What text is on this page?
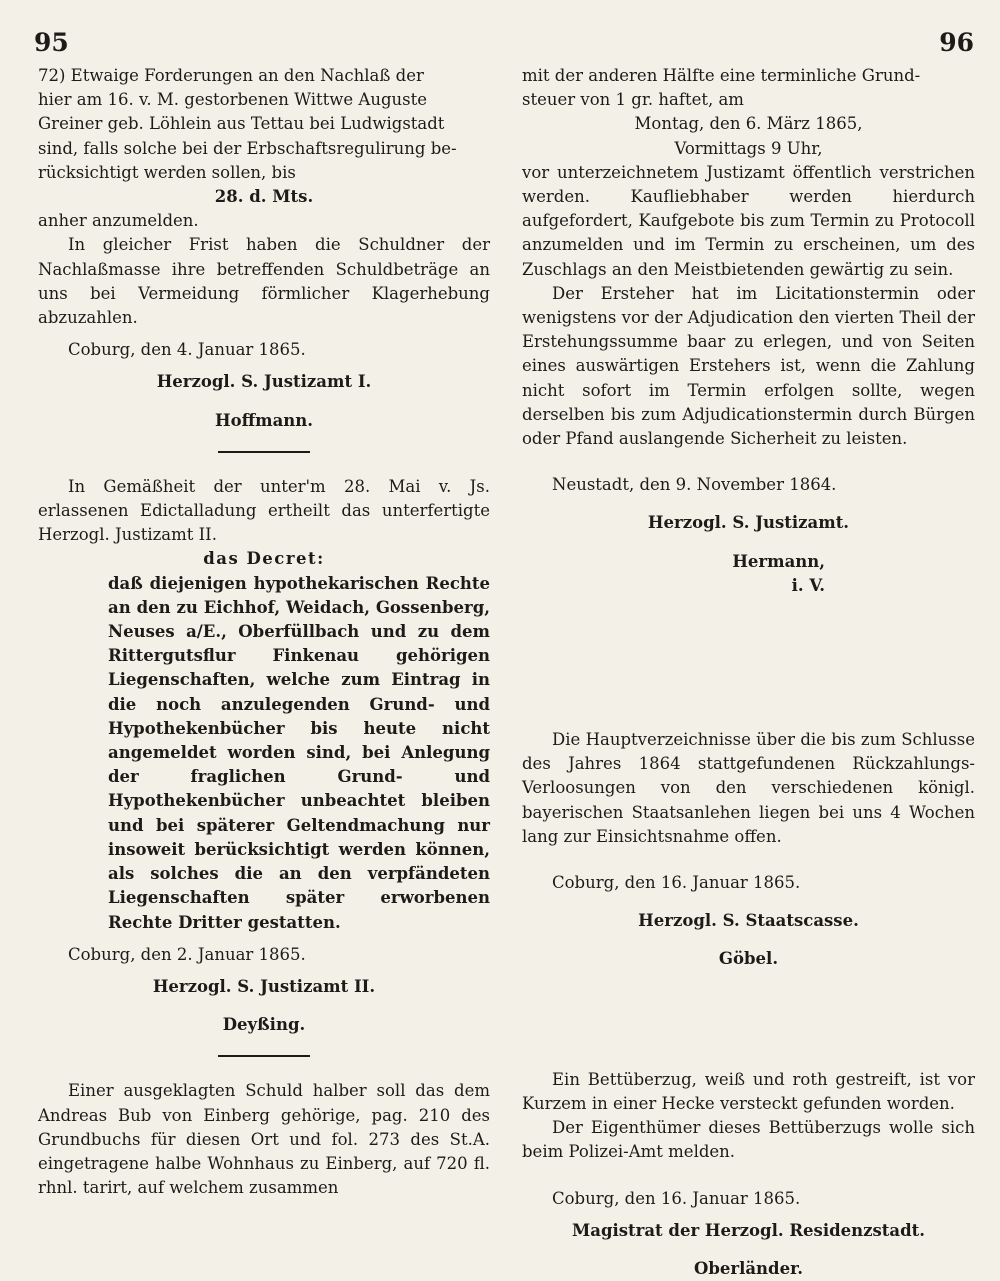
95	96

72) Etwaige Forderungen an den Nachlaß der

hier am 16. v. M. gestorbenen Wittwe Auguste

Greiner geb. Löhlein aus Tettau bei Ludwigstadt

sind, falls solche bei der Erbschaftsregulirung be-

rücksichtigt werden sollen, bis

28. d. Mts.

anher anzumelden.

In gleicher Frist haben die Schuldner der Nachlaßmasse ihre betreffenden Schuldbeträge an uns bei Vermeidung förmlicher Klagerhebung abzuzahlen.

Coburg, den 4. Januar 1865.

Herzogl. S. Justizamt I.

Hoffmann.

In Gemäßheit der unter'm 28. Mai v. Js. erlassenen Edictalladung ertheilt das unterfertigte Herzogl. Justizamt II.

das Decret:

daß diejenigen hypothekarischen Rechte an den zu Eichhof, Weidach, Gossenberg, Neuses a/E., Oberfüllbach und zu dem Rittergutsflur Finkenau gehörigen Liegenschaften, welche zum Eintrag in die noch anzulegenden Grund- und Hypothekenbücher bis heute nicht angemeldet worden sind, bei Anlegung der fraglichen Grund- und Hypothekenbücher unbeachtet bleiben und bei späterer Geltendmachung nur insoweit berücksichtigt werden können, als solches die an den verpfändeten Liegenschaften später erworbenen Rechte Dritter gestatten.

Coburg, den 2. Januar 1865.

Herzogl. S. Justizamt II.

Deyßing.

Einer ausgeklagten Schuld halber soll das dem Andreas Bub von Einberg gehörige, pag. 210 des Grundbuchs für diesen Ort und fol. 273 des St.A. eingetragene halbe Wohnhaus zu Einberg, auf 720 fl. rhnl. tarirt, auf welchem zusammen

mit der anderen Hälfte eine terminliche Grund-

steuer von 1 gr. haftet, am

Montag, den 6. März 1865,

Vormittags 9 Uhr,

vor unterzeichnetem Justizamt öffentlich verstrichen werden. Kaufliebhaber werden hierdurch aufgefordert, Kaufgebote bis zum Termin zu Protocoll anzumelden und im Termin zu erscheinen, um des Zuschlags an den Meistbietenden gewärtig zu sein.

Der Ersteher hat im Licitationstermin oder wenigstens vor der Adjudication den vierten Theil der Erstehungssumme baar zu erlegen, und von Seiten eines auswärtigen Erstehers ist, wenn die Zahlung nicht sofort im Termin erfolgen sollte, wegen derselben bis zum Adjudicationstermin durch Bürgen oder Pfand auslangende Sicherheit zu leisten.

Neustadt, den 9. November 1864.

Herzogl. S. Justizamt.

Hermann,

i. V.

Die Hauptverzeichnisse über die bis zum Schlusse des Jahres 1864 stattgefundenen Rückzahlungs-Verloosungen von den verschiedenen königl. bayerischen Staatsanlehen liegen bei uns 4 Wochen lang zur Einsichtsnahme offen.

Coburg, den 16. Januar 1865.

Herzogl. S. Staatscasse.

Göbel.

Ein Bettüberzug, weiß und roth gestreift, ist vor Kurzem in einer Hecke versteckt gefunden worden.

Der Eigenthümer dieses Bettüberzugs wolle sich beim Polizei-Amt melden.

Coburg, den 16. Januar 1865.

Magistrat der Herzogl. Residenzstadt.

Oberländer.
